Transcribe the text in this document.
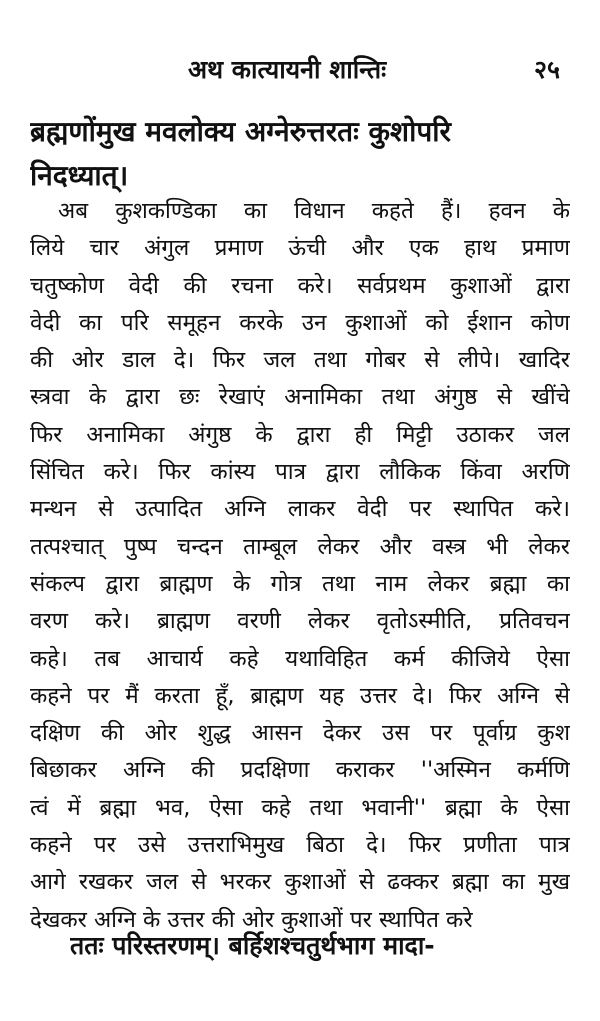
अथ कात्यायनी शान्तिः	२५
ब्रह्मणोंमुख मवलोक्य अग्नेरुत्तरतः कुशोपरि
निदध्यात्।
अब कुशकण्डिका का विधान कहते हैं। हवन के
लिये चार अंगुल प्रमाण ऊंची और एक हाथ प्रमाण
चतुष्कोण वेदी की रचना करे। सर्वप्रथम कुशाओं द्वारा
वेदी का परि समूहन करके उन कुशाओं को ईशान कोण
की ओर डाल दे। फिर जल तथा गोबर से लीपे। खादिर
स्त्रवा के द्वारा छः रेखाएं अनामिका तथा अंगुष्ठ से खींचे
फिर अनामिका अंगुष्ठ के द्वारा ही मिट्टी उठाकर जल
सिंचित करे। फिर कांस्य पात्र द्वारा लौकिक किंवा अरणि
मन्थन से उत्पादित अग्नि लाकर वेदी पर स्थापित करे।
तत्पश्चात् पुष्प चन्दन ताम्बूल लेकर और वस्त्र भी लेकर
संकल्प द्वारा ब्राह्मण के गोत्र तथा नाम लेकर ब्रह्मा का
वरण करे। ब्राह्मण वरणी लेकर वृतोऽस्मीति, प्रतिवचन
कहे। तब आचार्य कहे यथाविहित कर्म कीजिये ऐसा
कहने पर मैं करता हूँ, ब्राह्मण यह उत्तर दे। फिर अग्नि से
दक्षिण की ओर शुद्ध आसन देकर उस पर पूर्वाग्र कुश
बिछाकर अग्नि की प्रदक्षिणा कराकर ''अस्मिन कर्मणि
त्वं में ब्रह्मा भव, ऐसा कहे तथा भवानी'' ब्रह्मा के ऐसा
कहने पर उसे उत्तराभिमुख बिठा दे। फिर प्रणीता पात्र
आगे रखकर जल से भरकर कुशाओं से ढक्कर ब्रह्मा का मुख
देखकर अग्नि के उत्तर की ओर कुशाओं पर स्थापित करे
ततः परिस्तरणम्। बर्हिशश्चतुर्थभाग मादा-
